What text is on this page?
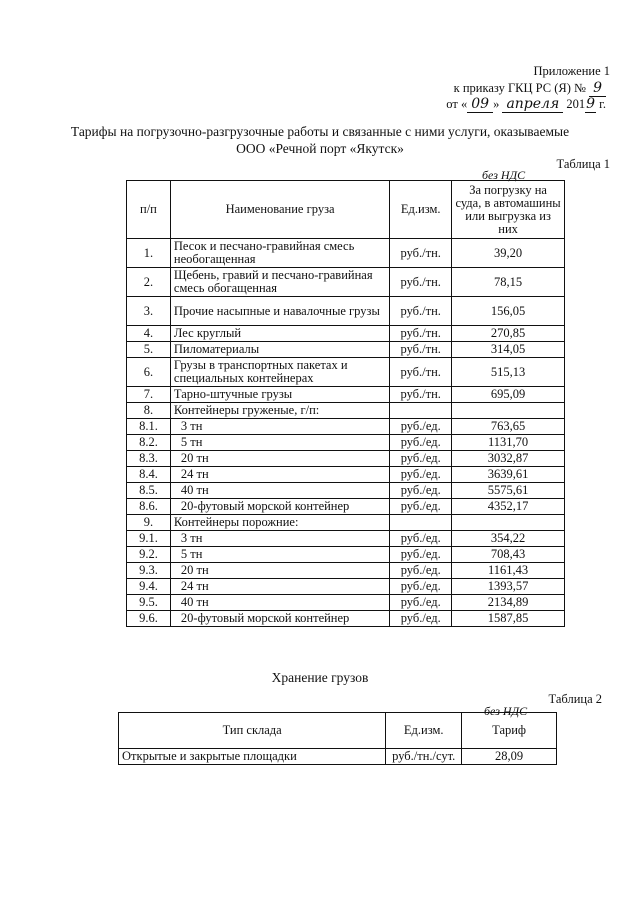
Приложение 1
к приказу ГКЦ РС (Я) № 9
от « 09 » апреля 2019 г.
Тарифы на погрузочно-разгрузочные работы и связанные с ними услуги, оказываемые ООО «Речной порт «Якутск»
Таблица 1
без НДС
п/п	Наименование груза	Ед.изм.	За погрузку на суда, в автомашины или выгрузка из них
1.	Песок и песчано-гравийная смесь необогащенная	руб./тн.	39,20
2.	Щебень, гравий и песчано-гравийная смесь обогащенная	руб./тн.	78,15
3.	Прочие насыпные и навалочные грузы	руб./тн.	156,05
4.	Лес круглый	руб./тн.	270,85
5.	Пиломатериалы	руб./тн.	314,05
6.	Грузы в транспортных пакетах и специальных контейнерах	руб./тн.	515,13
7.	Тарно-штучные грузы	руб./тн.	695,09
8.	Контейнеры груженые, г/п:		
8.1.	3 тн	руб./ед.	763,65
8.2.	5 тн	руб./ед.	1131,70
8.3.	20 тн	руб./ед.	3032,87
8.4.	24 тн	руб./ед.	3639,61
8.5.	40 тн	руб./ед.	5575,61
8.6.	20-футовый морской контейнер	руб./ед.	4352,17
9.	Контейнеры порожние:		
9.1.	3 тн	руб./ед.	354,22
9.2.	5 тн	руб./ед.	708,43
9.3.	20 тн	руб./ед.	1161,43
9.4.	24 тн	руб./ед.	1393,57
9.5.	40 тн	руб./ед.	2134,89
9.6.	20-футовый морской контейнер	руб./ед.	1587,85
Хранение грузов
Таблица 2
без НДС
Тип склада	Ед.изм.	Тариф
Открытые и закрытые площадки	руб./тн./сут.	28,09
